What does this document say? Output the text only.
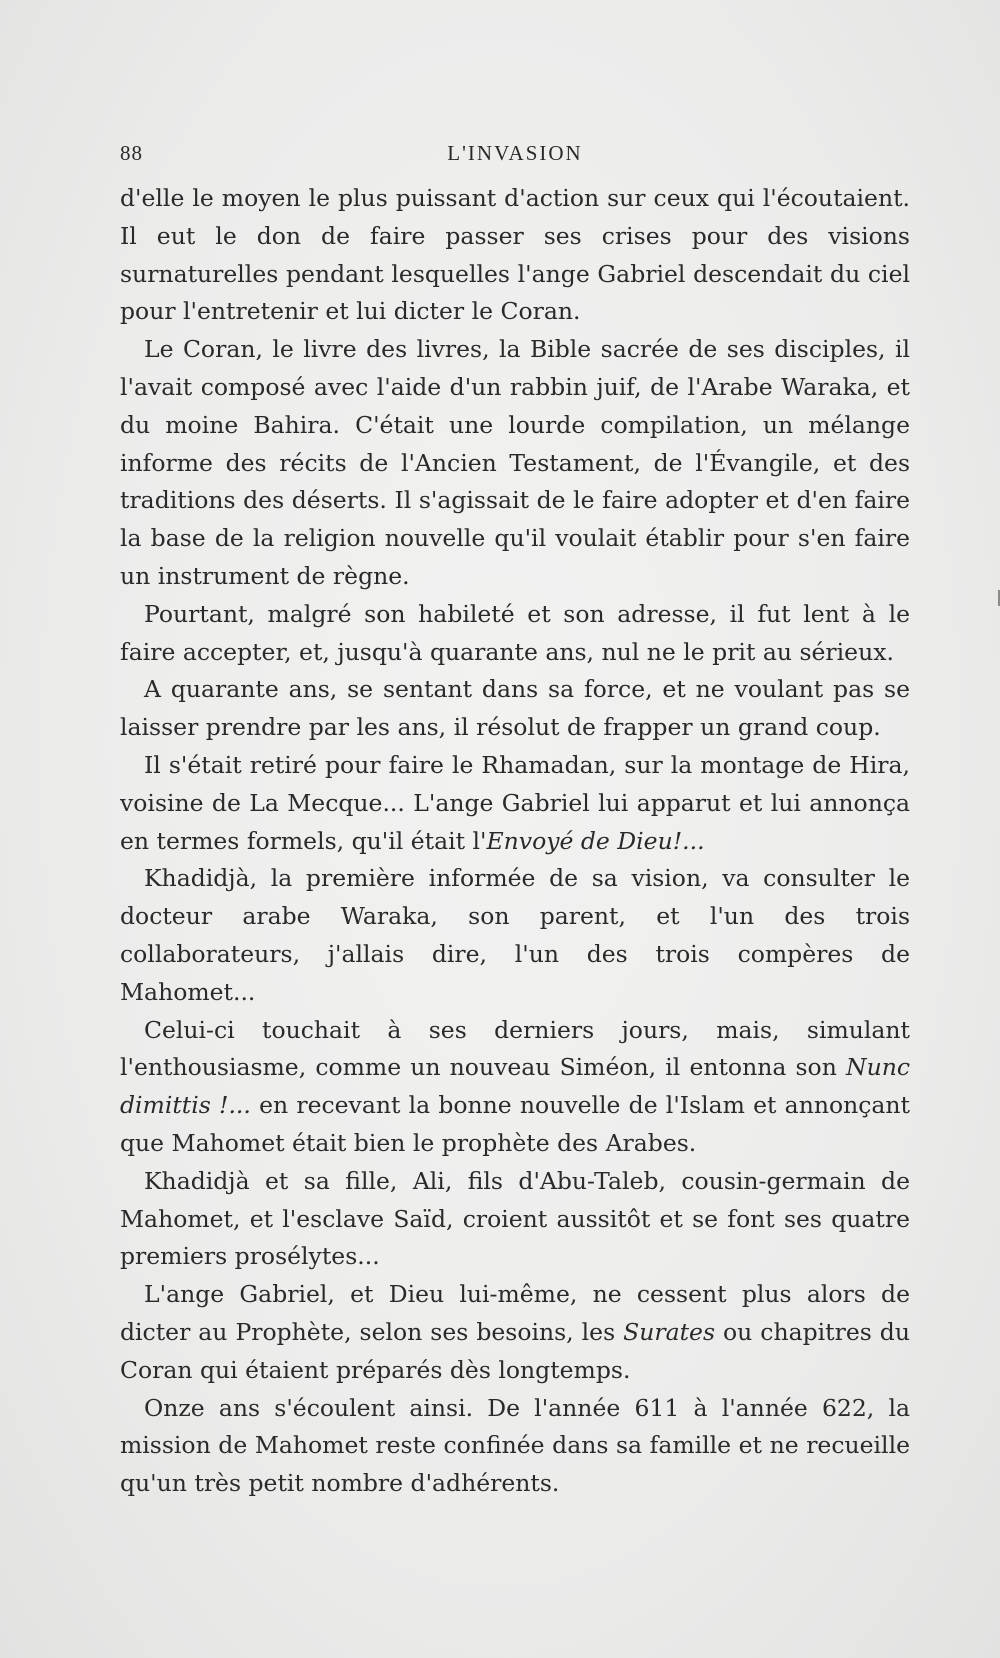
88	L'INVASION

d'elle le moyen le plus puissant d'action sur ceux qui l'écoutaient. Il eut le don de faire passer ses crises pour des visions surnaturelles pendant lesquelles l'ange Gabriel descendait du ciel pour l'entretenir et lui dicter le Coran.

Le Coran, le livre des livres, la Bible sacrée de ses disciples, il l'avait composé avec l'aide d'un rabbin juif, de l'Arabe Waraka, et du moine Bahira. C'était une lourde compilation, un mélange informe des récits de l'Ancien Testament, de l'Évangile, et des traditions des déserts. Il s'agissait de le faire adopter et d'en faire la base de la religion nouvelle qu'il voulait établir pour s'en faire un instrument de règne.

Pourtant, malgré son habileté et son adresse, il fut lent à le faire accepter, et, jusqu'à quarante ans, nul ne le prit au sérieux.

A quarante ans, se sentant dans sa force, et ne voulant pas se laisser prendre par les ans, il résolut de frapper un grand coup.

Il s'était retiré pour faire le Rhamadan, sur la montage de Hira, voisine de La Mecque... L'ange Gabriel lui apparut et lui annonça en termes formels, qu'il était l'Envoyé de Dieu!...

Khadidjà, la première informée de sa vision, va consulter le docteur arabe Waraka, son parent, et l'un des trois collaborateurs, j'allais dire, l'un des trois compères de Mahomet...

Celui-ci touchait à ses derniers jours, mais, simulant l'enthousiasme, comme un nouveau Siméon, il entonna son Nunc dimittis !... en recevant la bonne nouvelle de l'Islam et annonçant que Mahomet était bien le prophète des Arabes.

Khadidjà et sa fille, Ali, fils d'Abu-Taleb, cousin-germain de Mahomet, et l'esclave Saïd, croient aussitôt et se font ses quatre premiers prosélytes...

L'ange Gabriel, et Dieu lui-même, ne cessent plus alors de dicter au Prophète, selon ses besoins, les Surates ou chapitres du Coran qui étaient préparés dès longtemps.

Onze ans s'écoulent ainsi. De l'année 611 à l'année 622, la mission de Mahomet reste confinée dans sa famille et ne recueille qu'un très petit nombre d'adhérents.
